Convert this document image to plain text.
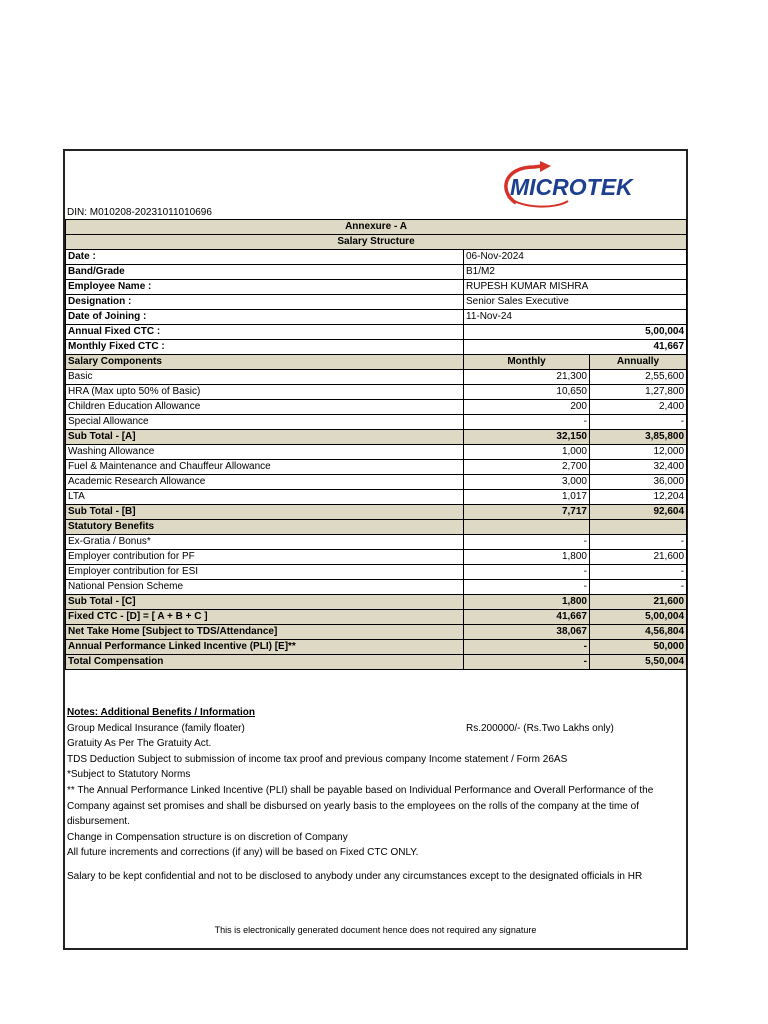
MICROTEK
DIN: M010208-20231011010696
Annexure - A		
Salary Structure		
Date :	06-Nov-2024	
Band/Grade	B1/M2	
Employee Name :	RUPESH KUMAR MISHRA	
Designation :	Senior Sales Executive	
Date of Joining :	11-Nov-24	
Annual Fixed CTC :	5,00,004	
Monthly Fixed CTC :	41,667	
Salary Components	Monthly	Annually
Basic	21,300	2,55,600
HRA (Max upto 50% of Basic)	10,650	1,27,800
Children Education Allowance	200	2,400
Special Allowance	-	-
Sub Total - [A]	32,150	3,85,800
Washing Allowance	1,000	12,000
Fuel & Maintenance and Chauffeur Allowance	2,700	32,400
Academic Research Allowance	3,000	36,000
LTA	1,017	12,204
Sub Total - [B]	7,717	92,604
Statutory Benefits		
Ex-Gratia / Bonus*	-	-
Employer contribution for PF	1,800	21,600
Employer contribution for ESI	-	-
National Pension Scheme	-	-
Sub Total - [C]	1,800	21,600
Fixed CTC - [D] = [ A + B + C ]	41,667	5,00,004
Net Take Home [Subject to TDS/Attendance]	38,067	4,56,804
Annual Performance Linked Incentive (PLI) [E]**	-	50,000
Total Compensation	-	5,50,004
Notes: Additional Benefits / Information
Group Medical Insurance (family floater)	Rs.200000/- (Rs.Two Lakhs only)
Gratuity As Per The Gratuity Act.
TDS Deduction Subject to submission of income tax proof and previous company Income statement / Form 26AS
*Subject to Statutory Norms
** The Annual Performance Linked Incentive (PLI) shall be payable based on Individual Performance and Overall Performance of the Company against set promises and shall be disbursed on yearly basis to the employees on the rolls of the company at the time of disbursement.
Change in Compensation structure is on discretion of Company
All future increments and corrections (if any) will be based on Fixed CTC ONLY.
Salary to be kept confidential and not to be disclosed to anybody under any circumstances except to the designated officials in HR
This is electronically generated document hence does not required any signature
